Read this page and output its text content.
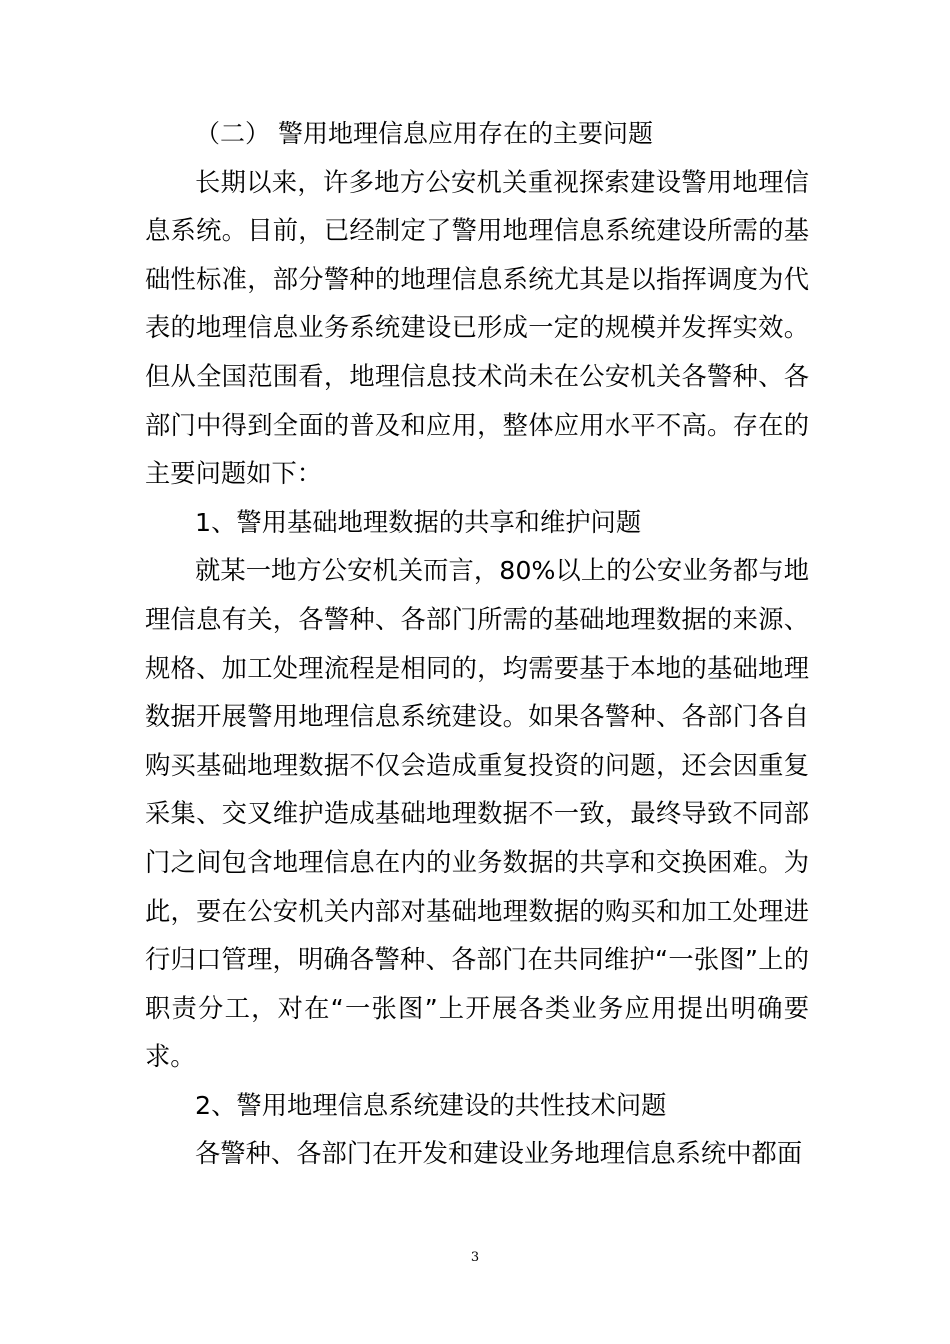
（二） 警用地理信息应用存在的主要问题

长期以来，许多地方公安机关重视探索建设警用地理信息系统。目前，已经制定了警用地理信息系统建设所需的基础性标准，部分警种的地理信息系统尤其是以指挥调度为代表的地理信息业务系统建设已形成一定的规模并发挥实效。但从全国范围看，地理信息技术尚未在公安机关各警种、各部门中得到全面的普及和应用，整体应用水平不高。存在的主要问题如下：

1、警用基础地理数据的共享和维护问题

就某一地方公安机关而言，80%以上的公安业务都与地理信息有关，各警种、各部门所需的基础地理数据的来源、规格、加工处理流程是相同的，均需要基于本地的基础地理数据开展警用地理信息系统建设。如果各警种、各部门各自购买基础地理数据不仅会造成重复投资的问题，还会因重复采集、交叉维护造成基础地理数据不一致，最终导致不同部门之间包含地理信息在内的业务数据的共享和交换困难。为此，要在公安机关内部对基础地理数据的购买和加工处理进行归口管理，明确各警种、各部门在共同维护“一张图”上的职责分工，对在“一张图”上开展各类业务应用提出明确要求。

2、警用地理信息系统建设的共性技术问题

各警种、各部门在开发和建设业务地理信息系统中都面

3
